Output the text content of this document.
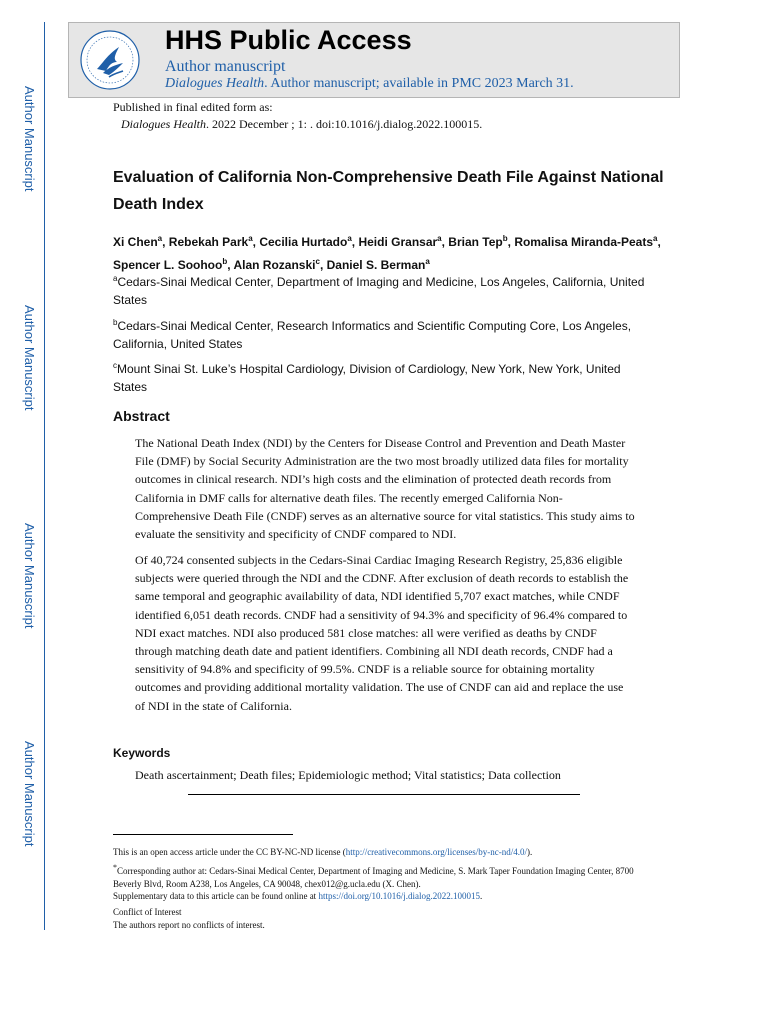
Author Manuscript
Author Manuscript
Author Manuscript
Author Manuscript
HHS Public Access
Author manuscript
Dialogues Health. Author manuscript; available in PMC 2023 March 31.
Published in final edited form as:
Dialogues Health. 2022 December ; 1: . doi:10.1016/j.dialog.2022.100015.
Evaluation of California Non-Comprehensive Death File Against National Death Index
Xi Chen$^a$, Rebekah Park$^a$, Cecilia Hurtado$^a$, Heidi Gransar$^a$, Brian Tep$^b$, Romalisa Miranda-Peats$^a$, Spencer L. Soohoo$^b$, Alan Rozanski$^c$, Daniel S. Berman$^a$
$^a$Cedars-Sinai Medical Center, Department of Imaging and Medicine, Los Angeles, California, United States
$^b$Cedars-Sinai Medical Center, Research Informatics and Scientific Computing Core, Los Angeles, California, United States
$^c$Mount Sinai St. Luke’s Hospital Cardiology, Division of Cardiology, New York, New York, United States
Abstract
The National Death Index (NDI) by the Centers for Disease Control and Prevention and Death Master File (DMF) by Social Security Administration are the two most broadly utilized data files for mortality outcomes in clinical research. NDI’s high costs and the elimination of protected death records from California in DMF calls for alternative death files. The recently emerged California Non-Comprehensive Death File (CNDF) serves as an alternative source for vital statistics. This study aims to evaluate the sensitivity and specificity of CNDF compared to NDI.
Of 40,724 consented subjects in the Cedars-Sinai Cardiac Imaging Research Registry, 25,836 eligible subjects were queried through the NDI and the CDNF. After exclusion of death records to establish the same temporal and geographic availability of data, NDI identified 5,707 exact matches, while CNDF identified 6,051 death records. CNDF had a sensitivity of 94.3% and specificity of 96.4% compared to NDI exact matches. NDI also produced 581 close matches: all were verified as deaths by CNDF through matching death date and patient identifiers. Combining all NDI death records, CNDF had a sensitivity of 94.8% and specificity of 99.5%. CNDF is a reliable source for obtaining mortality outcomes and providing additional mortality validation. The use of CNDF can aid and replace the use of NDI in the state of California.
Keywords
Death ascertainment; Death files; Epidemiologic method; Vital statistics; Data collection
This is an open access article under the CC BY-NC-ND license (http://creativecommons.org/licenses/by-nc-nd/4.0/).
*Corresponding author at: Cedars-Sinai Medical Center, Department of Imaging and Medicine, S. Mark Taper Foundation Imaging Center, 8700 Beverly Blvd, Room A238, Los Angeles, CA 90048, chex012@g.ucla.edu (X. Chen).
Supplementary data to this article can be found online at https://doi.org/10.1016/j.dialog.2022.100015.
Conflict of Interest
The authors report no conflicts of interest.
